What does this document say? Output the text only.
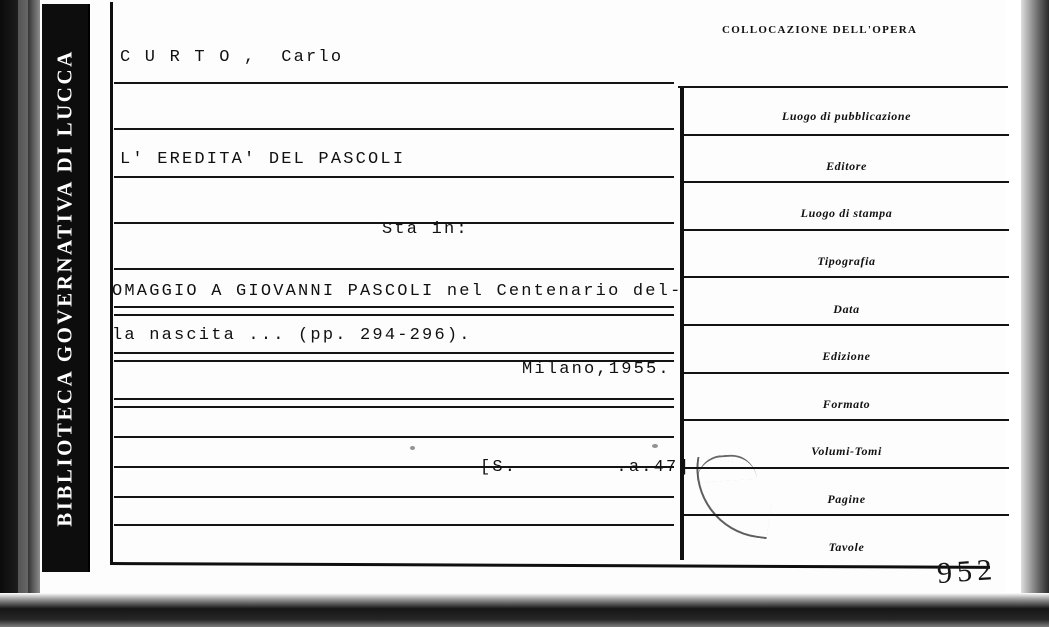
BIBLIOTECA GOVERNATIVA DI LUCCA	C U R T O ,  Carlo
L' EREDITA' DEL PASCOLI
Sta in:
OMAGGIO A GIOVANNI PASCOLI nel Centenario del-
la nascita ... (pp. 294-296).
Milano,1955.
[S.        .a.47]
COLLOCAZIONE DELL'OPERA
Luogo di pubblicazione
Editore
Luogo di stampa
Tipografia
Data
Edizione
Formato
Volumi-Tomi
Pagine
Tavole
952
